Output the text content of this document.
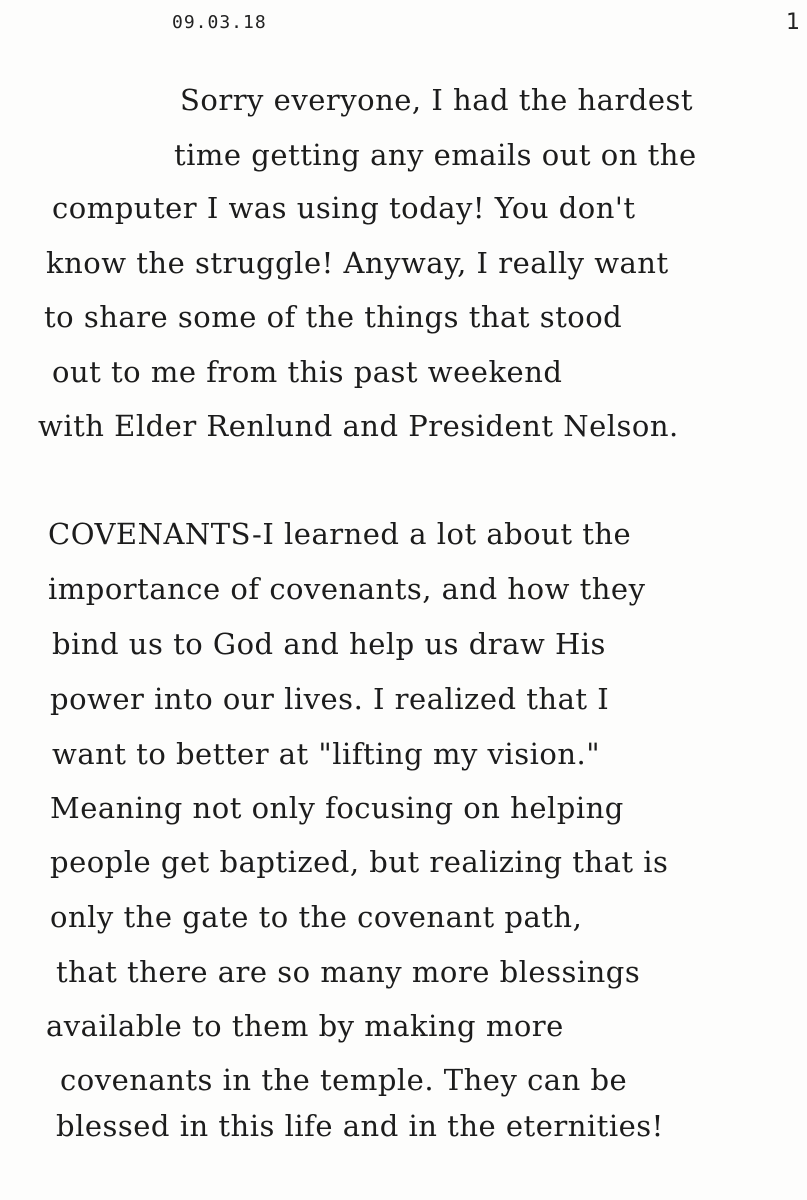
09.03.18	1
Sorry everyone, I had the hardest
time getting any emails out on the
computer I was using today! You don't
know the struggle! Anyway, I really want
to share some of the things that stood
out to me from this past weekend
with Elder Renlund and President Nelson.
COVENANTS-I learned a lot about the
importance of covenants, and how they
bind us to God and help us draw His
power into our lives. I realized that I
want to better at "lifting my vision."
Meaning not only focusing on helping
people get baptized, but realizing that is
only the gate to the covenant path,
that there are so many more blessings
available to them by making more
covenants in the temple. They can be
blessed in this life and in the eternities!
